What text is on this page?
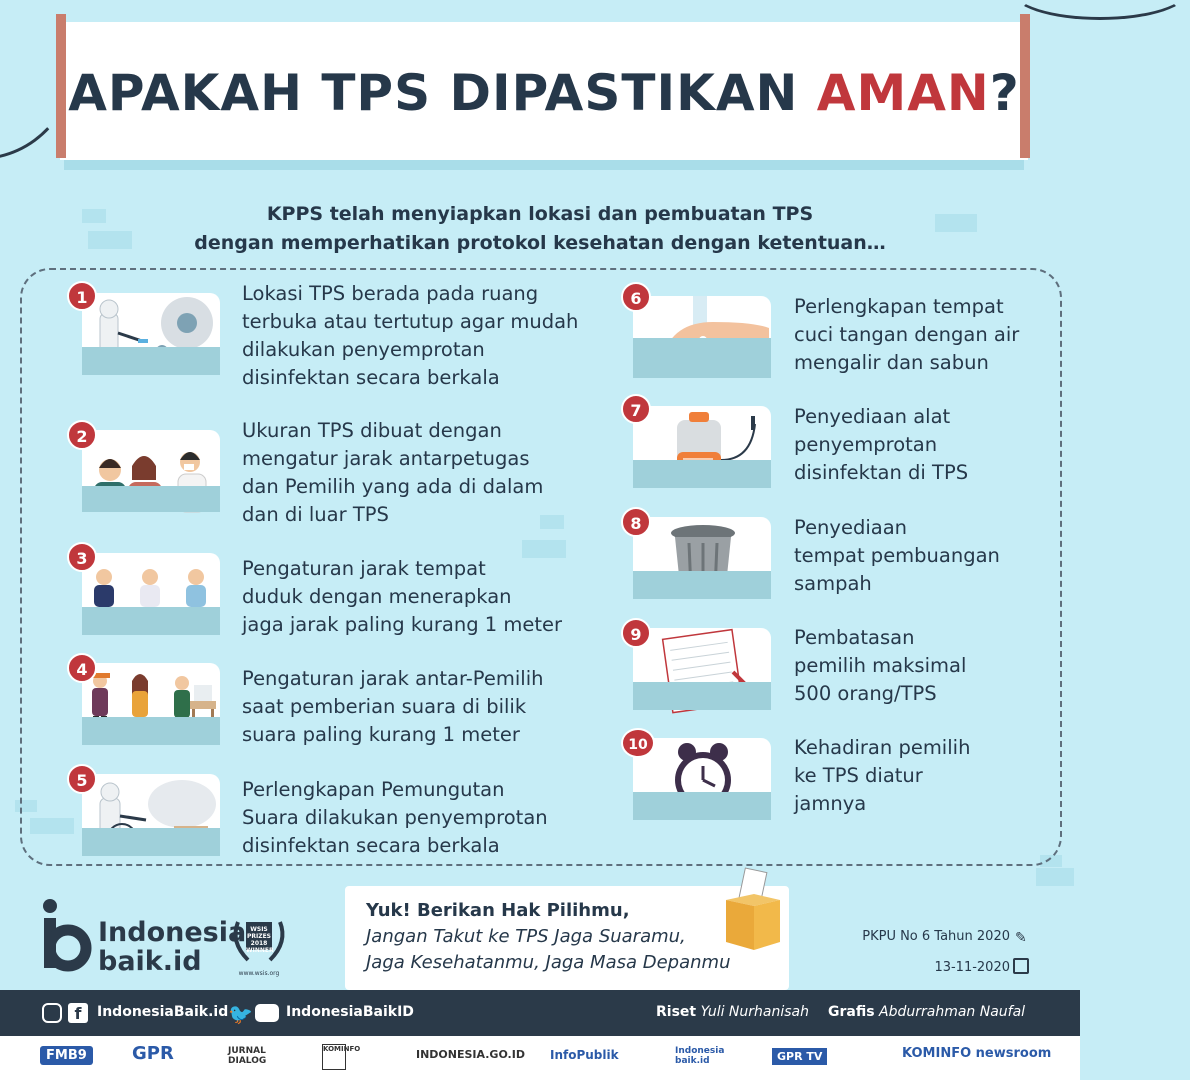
APAKAH TPS DIPASTIKAN AMAN?
KPPS telah menyiapkan lokasi dan pembuatan TPS
dengan memperhatikan protokol kesehatan dengan ketentuan…
1	Lokasi TPS berada pada ruang
terbuka atau tertutup agar mudah
dilakukan penyemprotan
disinfektan secara berkala
2	Ukuran TPS dibuat dengan
mengatur jarak antarpetugas
dan Pemilih yang ada di dalam
dan di luar TPS
3	Pengaturan jarak tempat
duduk dengan menerapkan
jaga jarak paling kurang 1 meter
4	Pengaturan jarak antar-Pemilih
saat pemberian suara di bilik
suara paling kurang 1 meter
5	Perlengkapan Pemungutan
Suara dilakukan penyemprotan
disinfektan secara berkala
6	Perlengkapan tempat
cuci tangan dengan air
mengalir dan sabun
7	Penyediaan alat
penyemprotan
disinfektan di TPS
8	Penyediaan
tempat pembuangan
sampah
9	Pembatasan
pemilih maksimal
500 orang/TPS
10	Kehadiran pemilih
ke TPS diatur
jamnya
Indonesia
baik.id
WSIS PRIZES 2018 WINNER
www.wsis.org
Yuk! Berikan Hak Pilihmu,
Jangan Takut ke TPS Jaga Suaramu,
Jaga Kesehatanmu, Jaga Masa Depanmu
PKPU No 6 Tahun 2020 ✎
13-11-2020
f	IndonesiaBaik.id 🐦 IndonesiaBaikID	Riset Yuli Nurhanisah Grafis Abdurrahman Naufal
FMB9	GPR	JURNAL DIALOG
KOMINFO	INDONESIA.GO.ID InfoPublik	Indonesia baik.id	GPR TV	KOMINFO newsroom
